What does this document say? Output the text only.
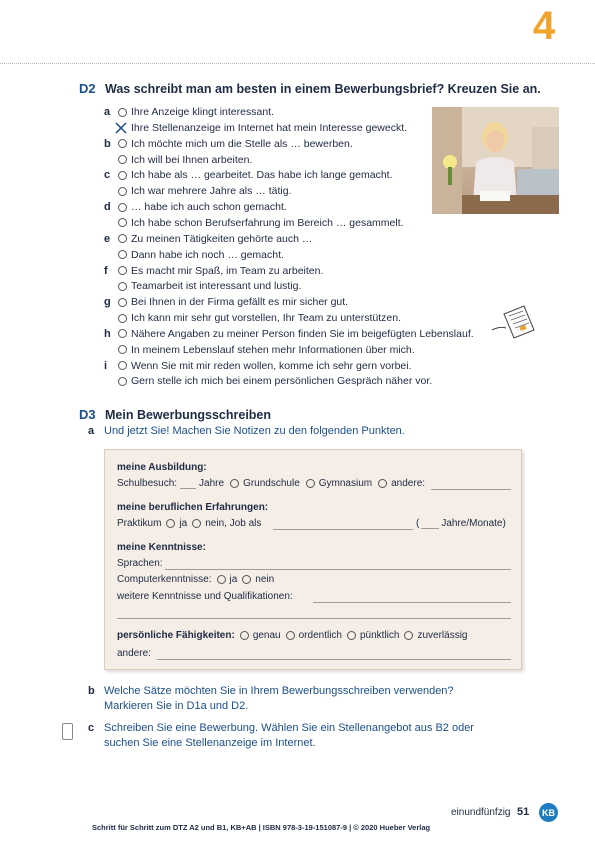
4
D2 Was schreibt man am besten in einem Bewerbungsbrief? Kreuzen Sie an.
a Ihre Anzeige klingt interessant.
Ihre Stellenanzeige im Internet hat mein Interesse geweckt.
b Ich möchte mich um die Stelle als … bewerben.
Ich will bei Ihnen arbeiten.
c Ich habe als … gearbeitet. Das habe ich lange gemacht.
Ich war mehrere Jahre als … tätig.
d … habe ich auch schon gemacht.
Ich habe schon Berufserfahrung im Bereich … gesammelt.
e Zu meinen Tätigkeiten gehörte auch …
Dann habe ich noch … gemacht.
f Es macht mir Spaß, im Team zu arbeiten.
Teamarbeit ist interessant und lustig.
g Bei Ihnen in der Firma gefällt es mir sicher gut.
Ich kann mir sehr gut vorstellen, Ihr Team zu unterstützen.
h Nähere Angaben zu meiner Person finden Sie im beigefügten Lebenslauf.
In meinem Lebenslauf stehen mehr Informationen über mich.
i Wenn Sie mit mir reden wollen, komme ich sehr gern vorbei.
Gern stelle ich mich bei einem persönlichen Gespräch näher vor.
D3 Mein Bewerbungsschreiben
a Und jetzt Sie! Machen Sie Notizen zu den folgenden Punkten.
meine Ausbildung:
Schulbesuch: Jahre Grundschule Gymnasium andere:
meine beruflichen Erfahrungen:
Praktikum ja nein, Job als	( Jahre/Monate)
meine Kenntnisse:
Sprachen:
Computerkenntnisse: ja nein
weitere Kenntnisse und Qualifikationen:
persönliche Fähigkeiten: genau ordentlich pünktlich zuverlässig
andere:
b Welche Sätze möchten Sie in Ihrem Bewerbungsschreiben verwenden?
Markieren Sie in D1a und D2.
c Schreiben Sie eine Bewerbung. Wählen Sie ein Stellenangebot aus B2 oder
suchen Sie eine Stellenanzeige im Internet.
einundfünfzig 51	KB
Schritt für Schritt zum DTZ A2 und B1, KB+AB | ISBN 978-3-19-151087-9 | © 2020 Hueber Verlag
